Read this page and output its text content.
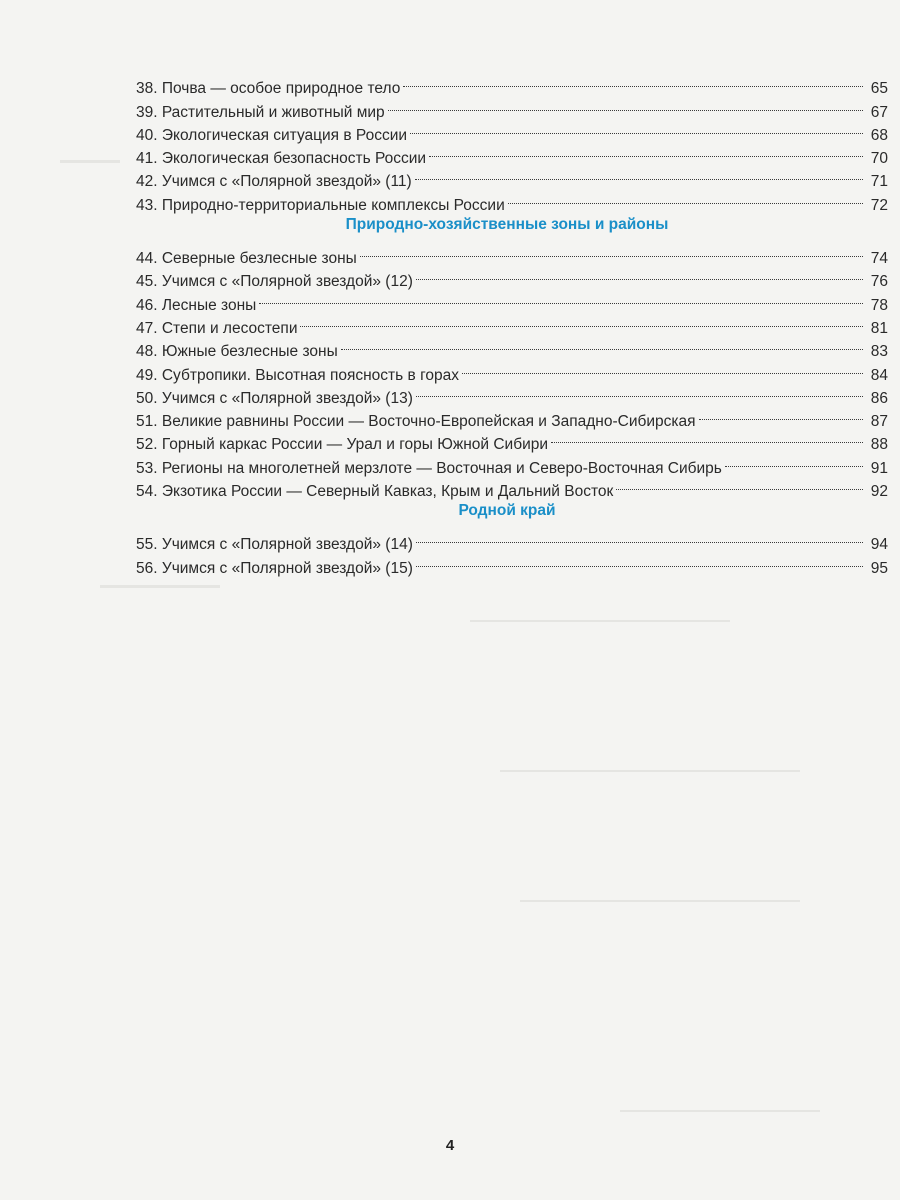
38. Почва — особое природное тело	65
39. Растительный и животный мир	67
40. Экологическая ситуация в России	68
41. Экологическая безопасность России	70
42. Учимся с «Полярной звездой» (11)	71
43. Природно-территориальные комплексы России	72
Природно-хозяйственные зоны и районы
44. Северные безлесные зоны	74
45. Учимся с «Полярной звездой» (12)	76
46. Лесные зоны	78
47. Степи и лесостепи	81
48. Южные безлесные зоны	83
49. Субтропики. Высотная поясность в горах	84
50. Учимся с «Полярной звездой» (13)	86
51. Великие равнины России — Восточно-Европейская и Западно-Сибирская	87
52. Горный каркас России — Урал и горы Южной Сибири	88
53. Регионы на многолетней мерзлоте — Восточная и Северо-Восточная Сибирь	91
54. Экзотика России — Северный Кавказ, Крым и Дальний Восток	92
Родной край
55. Учимся с «Полярной звездой» (14)	94
56. Учимся с «Полярной звездой» (15)	95
4
